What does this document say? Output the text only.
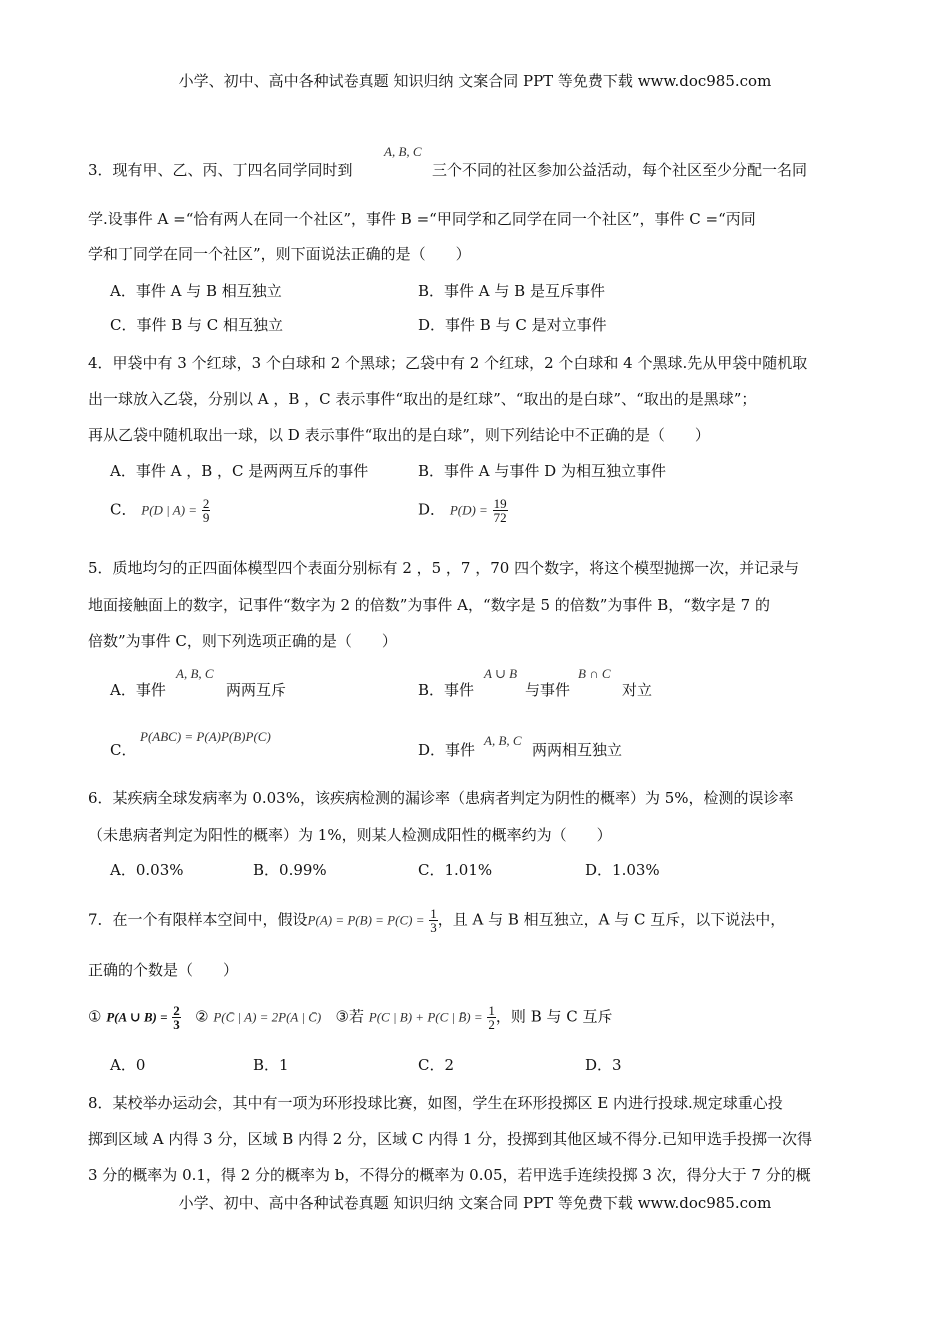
小学、初中、高中各种试卷真题 知识归纳 文案合同 PPT 等免费下载 www.doc985.com
小学、初中、高中各种试卷真题 知识归纳 文案合同 PPT 等免费下载 www.doc985.com
A, B, C
3．现有甲、乙、丙、丁四名同学同时到	三个不同的社区参加公益活动，每个社区至少分配一名同
学.设事件 A =“恰有两人在同一个社区”，事件 B =“甲同学和乙同学在同一个社区”，事件 C =“丙同
学和丁同学在同一个社区”，则下面说法正确的是（　　）
A．事件 A 与 B 相互独立	B．事件 A 与 B 是互斥事件
C．事件 B 与 C 相互独立	D．事件 B 与 C 是对立事件
4．甲袋中有 3 个红球，3 个白球和 2 个黑球；乙袋中有 2 个红球，2 个白球和 4 个黑球.先从甲袋中随机取
出一球放入乙袋，分别以 A ，B ，C 表示事件“取出的是红球”、“取出的是白球”、“取出的是黑球”；
再从乙袋中随机取出一球，以 D 表示事件“取出的是白球”，则下列结论中不正确的是（　　）
A．事件 A ，B ，C 是两两互斥的事件	B．事件 A 与事件 D 为相互独立事件
C． P(D | $A) = \frac{2}{9}$	D． $P(D) = \frac{19}{72}$
5．质地均匀的正四面体模型四个表面分别标有 2 ，5 ，7 ，70 四个数字，将这个模型抛掷一次，并记录与
地面接触面上的数字，记事件“数字为 2 的倍数”为事件 A，“数字是 5 的倍数”为事件 B，“数字是 7 的
倍数”为事件 C，则下列选项正确的是（　　）
A．事件
A, B, C
两两互斥	B．事件
A ∪ B
与事件
B ∩ C
对立
C．
P(ABC) = P(A)P(B)P(C)
D．事件
A, B, C
两两相互独立
6．某疾病全球发病率为 0.03%，该疾病检测的漏诊率（患病者判定为阴性的概率）为 5%，检测的误诊率
（未患病者判定为阳性的概率）为 1%，则某人检测成阳性的概率约为（　　）
A．0.03%	B．0.99%	C．1.01%	D．1.03%
7．在一个有限样本空间中，假设$P(A) = P(B) = P(C) = \frac{1}{3}$ ，且 A 与 B 相互独立，A 与 C 互斥，以下说法中，
正确的个数是（　　）
① P(A ∪ $B) = \frac{2}{3}$ ② P(C̄ | A) = 2P(A | C̄) ③若 P(C | B) + P(C | B̄) = $\frac{1}{2}$ ，则 B 与 C 互斥
A．0	B．1	C．2	D．3
8．某校举办运动会，其中有一项为环形投球比赛，如图，学生在环形投掷区 E 内进行投球.规定球重心投
掷到区域 A 内得 3 分，区域 B 内得 2 分，区域 C 内得 1 分，投掷到其他区域不得分.已知甲选手投掷一次得
3 分的概率为 0.1，得 2 分的概率为 b，不得分的概率为 0.05，若甲选手连续投掷 3 次，得分大于 7 分的概
